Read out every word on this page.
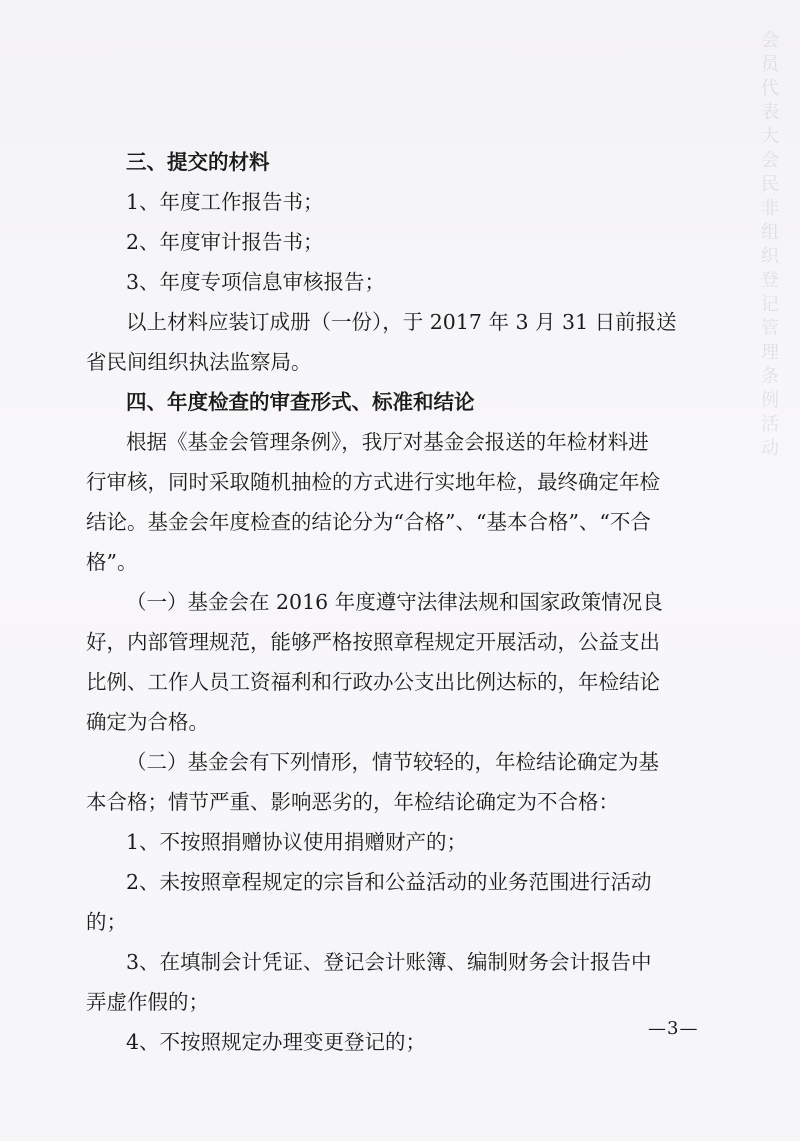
会员代表大会民非组织登记管理条例活动

三、提交的材料

1、年度工作报告书；

2、年度审计报告书；

3、年度专项信息审核报告；

以上材料应装订成册（一份），于 2017 年 3 月 31 日前报送

省民间组织执法监察局。

四、年度检查的审查形式、标准和结论

根据《基金会管理条例》，我厅对基金会报送的年检材料进

行审核，同时采取随机抽检的方式进行实地年检，最终确定年检

结论。基金会年度检查的结论分为“合格”、“基本合格”、“不合

格”。

（一）基金会在 2016 年度遵守法律法规和国家政策情况良

好，内部管理规范，能够严格按照章程规定开展活动，公益支出

比例、工作人员工资福利和行政办公支出比例达标的，年检结论

确定为合格。

（二）基金会有下列情形，情节较轻的，年检结论确定为基

本合格；情节严重、影响恶劣的，年检结论确定为不合格：

1、不按照捐赠协议使用捐赠财产的；

2、未按照章程规定的宗旨和公益活动的业务范围进行活动

的；

3、在填制会计凭证、登记会计账簿、编制财务会计报告中

弄虚作假的；

4、不按照规定办理变更登记的；

—3—
